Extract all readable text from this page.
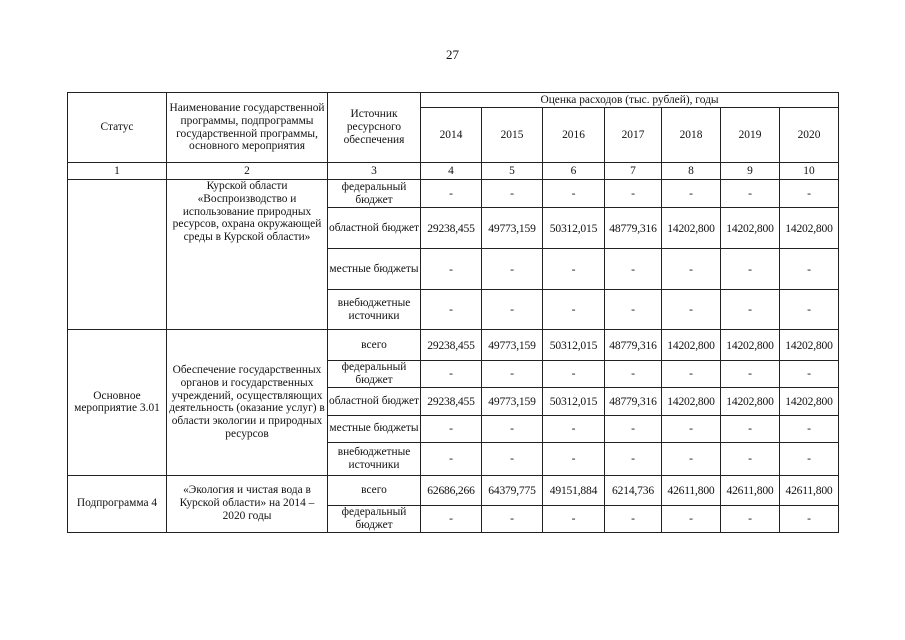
27
Статус	Наименование государственной программы, подпрограммы государственной программы, основного мероприятия	Источник ресурсного обеспечения	Оценка расходов (тыс. рублей), годы						
			2014	2015	2016	2017	2018	2019	2020
1	2	3	4	5	6	7	8	9	10
	Курской области «Воспроизводство и использование природных ресурсов, охрана окружающей среды в Курской области»	федеральный бюджет	-	-	-	-	-	-	-
		областной бюджет	29238,455	49773,159	50312,015	48779,316	14202,800	14202,800	14202,800
		местные бюджеты	-	-	-	-	-	-	-
		внебюджетные источники	-	-	-	-	-	-	-
Основное мероприятие 3.01	Обеспечение государственных органов и государственных учреждений, осуществляющих деятельность (оказание услуг) в области экологии и природных ресурсов	всего	29238,455	49773,159	50312,015	48779,316	14202,800	14202,800	14202,800
		федеральный бюджет	-	-	-	-	-	-	-
		областной бюджет	29238,455	49773,159	50312,015	48779,316	14202,800	14202,800	14202,800
		местные бюджеты	-	-	-	-	-	-	-
		внебюджетные источники	-	-	-	-	-	-	-
Подпрограмма 4	«Экология и чистая вода в Курской области» на 2014 – 2020 годы	всего	62686,266	64379,775	49151,884	6214,736	42611,800	42611,800	42611,800
		федеральный бюджет	-	-	-	-	-	-	-
